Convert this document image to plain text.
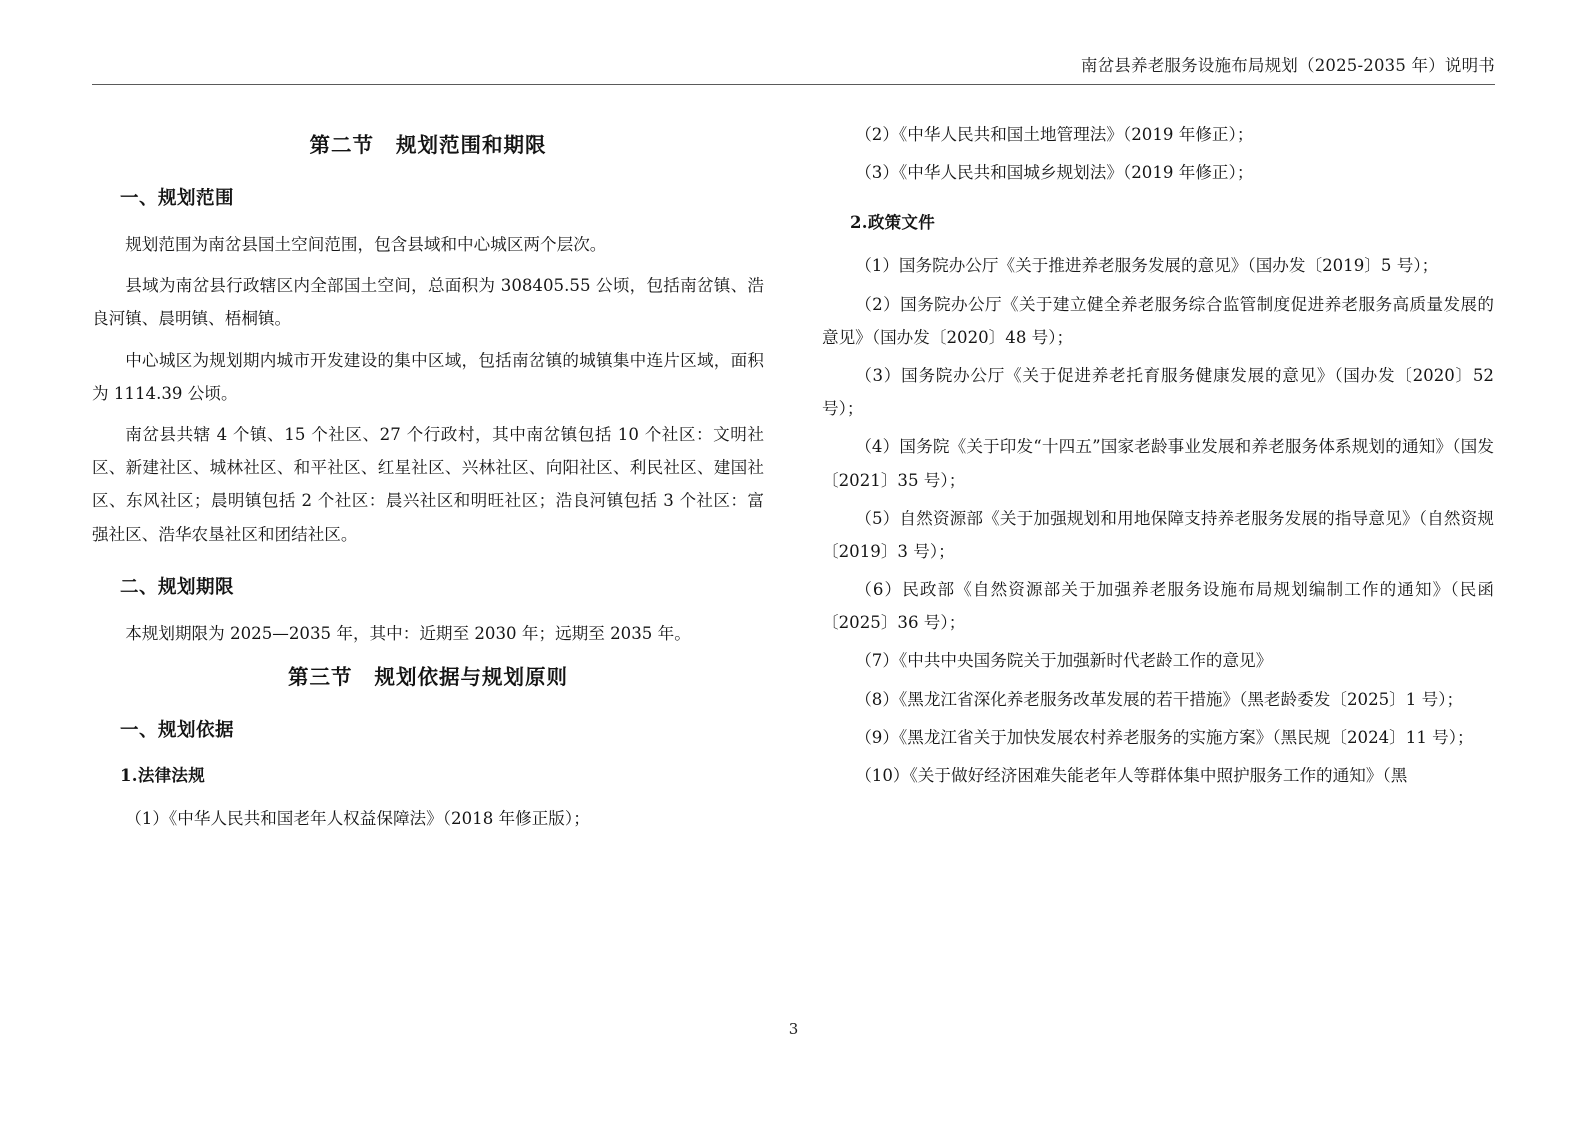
南岔县养老服务设施布局规划（2025-2035 年）说明书
第二节 规划范围和期限
一、规划范围

规划范围为南岔县国土空间范围，包含县域和中心城区两个层次。

县域为南岔县行政辖区内全部国土空间，总面积为 308405.55 公顷，包括南岔镇、浩良河镇、晨明镇、梧桐镇。

中心城区为规划期内城市开发建设的集中区域，包括南岔镇的城镇集中连片区域，面积为 1114.39 公顷。

南岔县共辖 4 个镇、15 个社区、27 个行政村，其中南岔镇包括 10 个社区：文明社区、新建社区、城林社区、和平社区、红星社区、兴林社区、向阳社区、利民社区、建国社区、东风社区；晨明镇包括 2 个社区：晨兴社区和明旺社区；浩良河镇包括 3 个社区：富强社区、浩华农垦社区和团结社区。

二、规划期限

本规划期限为 2025—2035 年，其中：近期至 2030 年；远期至 2035 年。

第三节 规划依据与规划原则
一、规划依据
1.法律法规

（1）《中华人民共和国老年人权益保障法》（2018 年修正版）；

（2）《中华人民共和国土地管理法》（2019 年修正）；

（3）《中华人民共和国城乡规划法》（2019 年修正）；

2.政策文件

（1）国务院办公厅《关于推进养老服务发展的意见》（国办发〔2019〕5 号）；

（2）国务院办公厅《关于建立健全养老服务综合监管制度促进养老服务高质量发展的意见》（国办发〔2020〕48 号）；

（3）国务院办公厅《关于促进养老托育服务健康发展的意见》（国办发〔2020〕52 号）；

（4）国务院《关于印发“十四五”国家老龄事业发展和养老服务体系规划的通知》（国发〔2021〕35 号）；

（5）自然资源部《关于加强规划和用地保障支持养老服务发展的指导意见》（自然资规〔2019〕3 号）；

（6）民政部《自然资源部关于加强养老服务设施布局规划编制工作的通知》（民函〔2025〕36 号）；

（7）《中共中央国务院关于加强新时代老龄工作的意见》

（8）《黑龙江省深化养老服务改革发展的若干措施》（黑老龄委发〔2025〕1 号）；

（9）《黑龙江省关于加快发展农村养老服务的实施方案》（黑民规〔2024〕11 号）；

（10）《关于做好经济困难失能老年人等群体集中照护服务工作的通知》（黑

3
